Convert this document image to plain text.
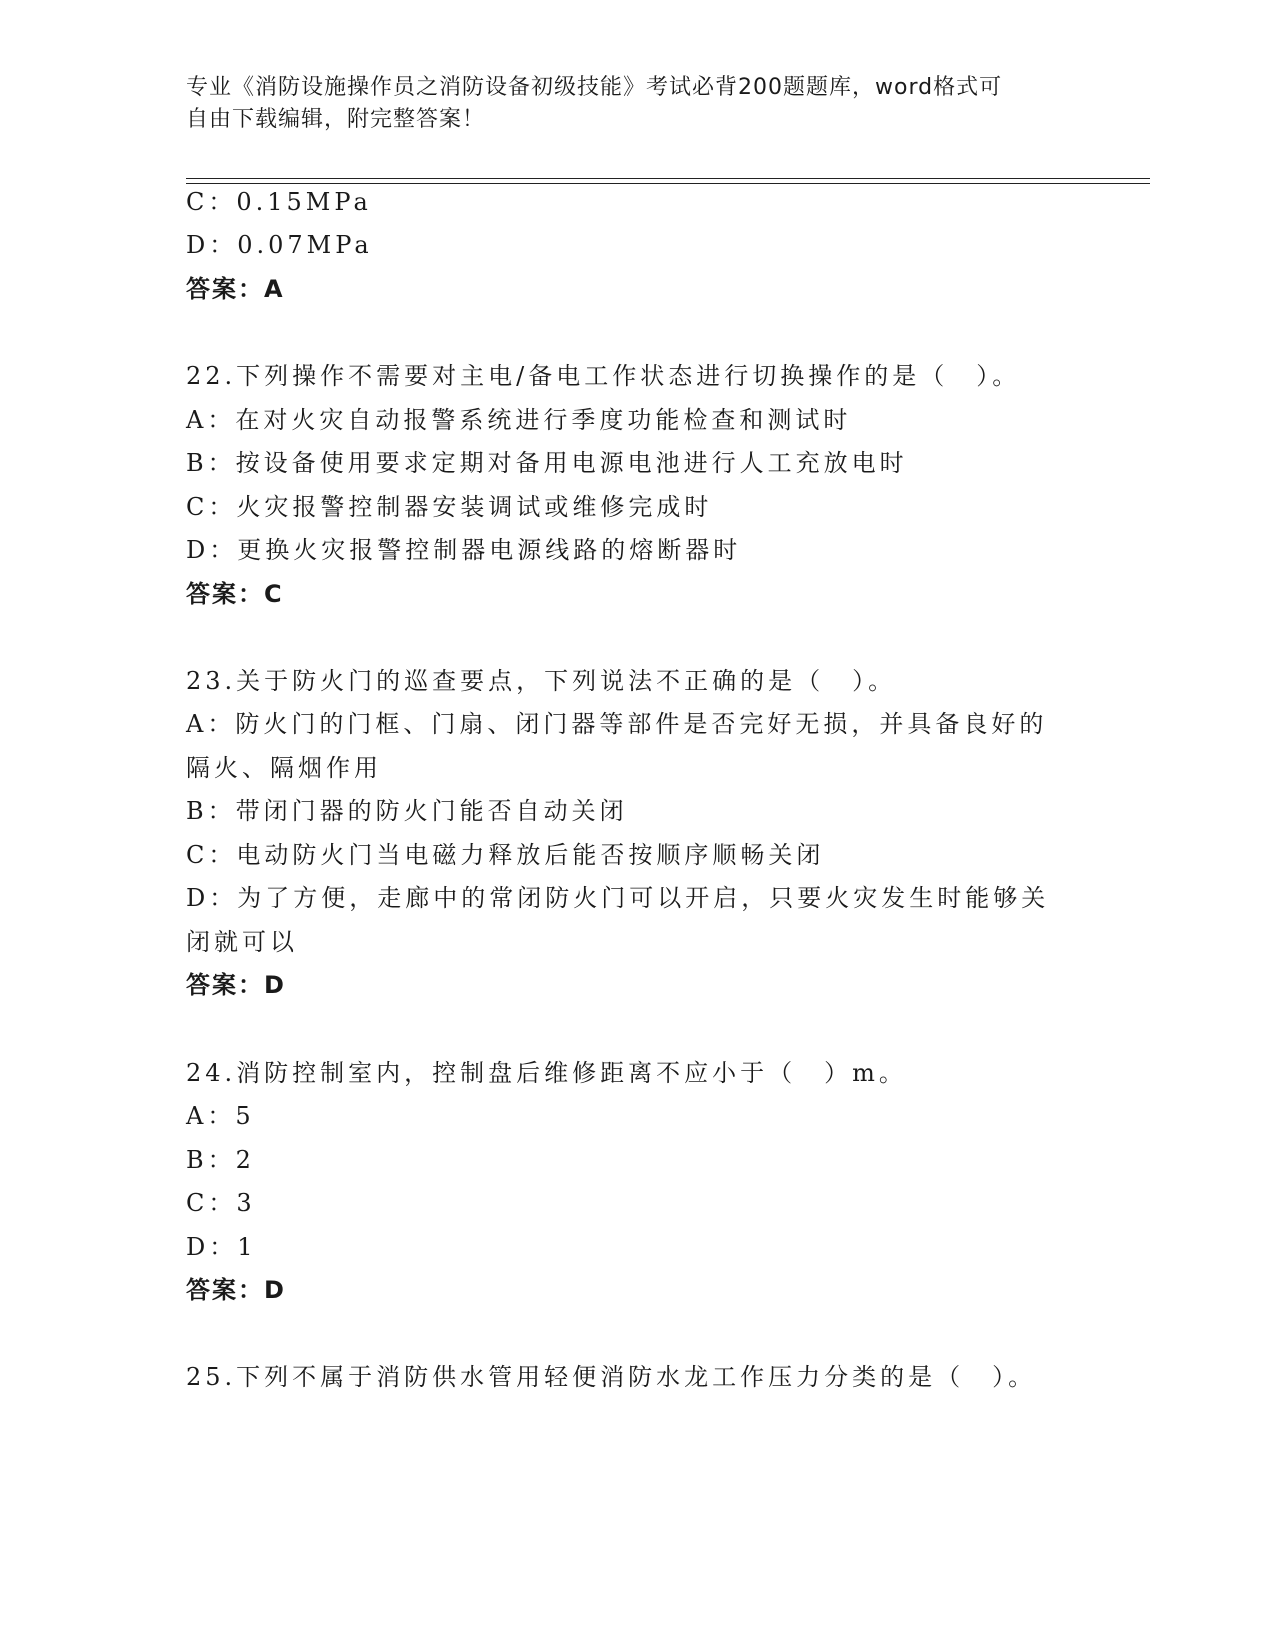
专业《消防设施操作员之消防设备初级技能》考试必背200题题库，word格式可
自由下载编辑，附完整答案！
C：0.15MPa
D：0.07MPa
答案：A
22.下列操作不需要对主电/备电工作状态进行切换操作的是（　）。
A：在对火灾自动报警系统进行季度功能检查和测试时
B：按设备使用要求定期对备用电源电池进行人工充放电时
C：火灾报警控制器安装调试或维修完成时
D：更换火灾报警控制器电源线路的熔断器时
答案：C
23.关于防火门的巡查要点，下列说法不正确的是（　）。
A：防火门的门框、门扇、闭门器等部件是否完好无损，并具备良好的
隔火、隔烟作用
B：带闭门器的防火门能否自动关闭
C：电动防火门当电磁力释放后能否按顺序顺畅关闭
D：为了方便，走廊中的常闭防火门可以开启，只要火灾发生时能够关
闭就可以
答案：D
24.消防控制室内，控制盘后维修距离不应小于（　）m。
A：5
B：2
C：3
D：1
答案：D
25.下列不属于消防供水管用轻便消防水龙工作压力分类的是（　）。
